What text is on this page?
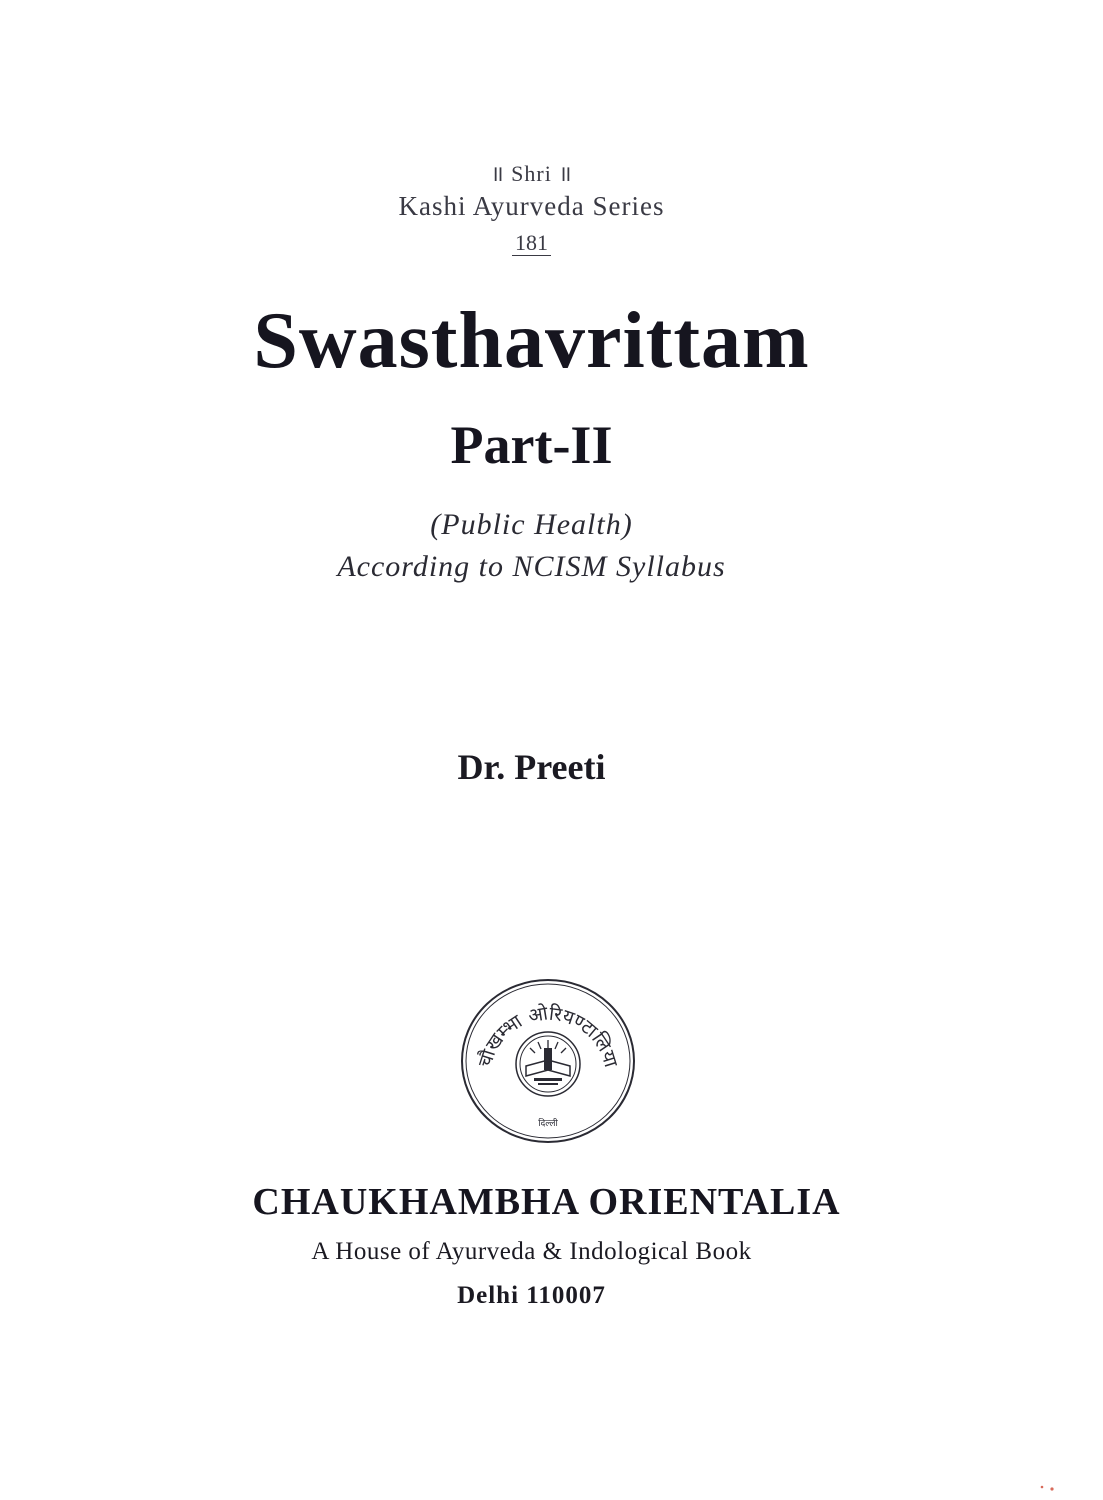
॥ Shri ॥
Kashi Ayurveda Series
181
Swasthavrittam
Part-II
(Public Health)
According to NCISM Syllabus
Dr. Preeti
चौखम्भा ओरियण्टालिया
दिल्ली
CHAUKHAMBHA ORIENTALIA
A House of Ayurveda & Indological Book
Delhi 110007
